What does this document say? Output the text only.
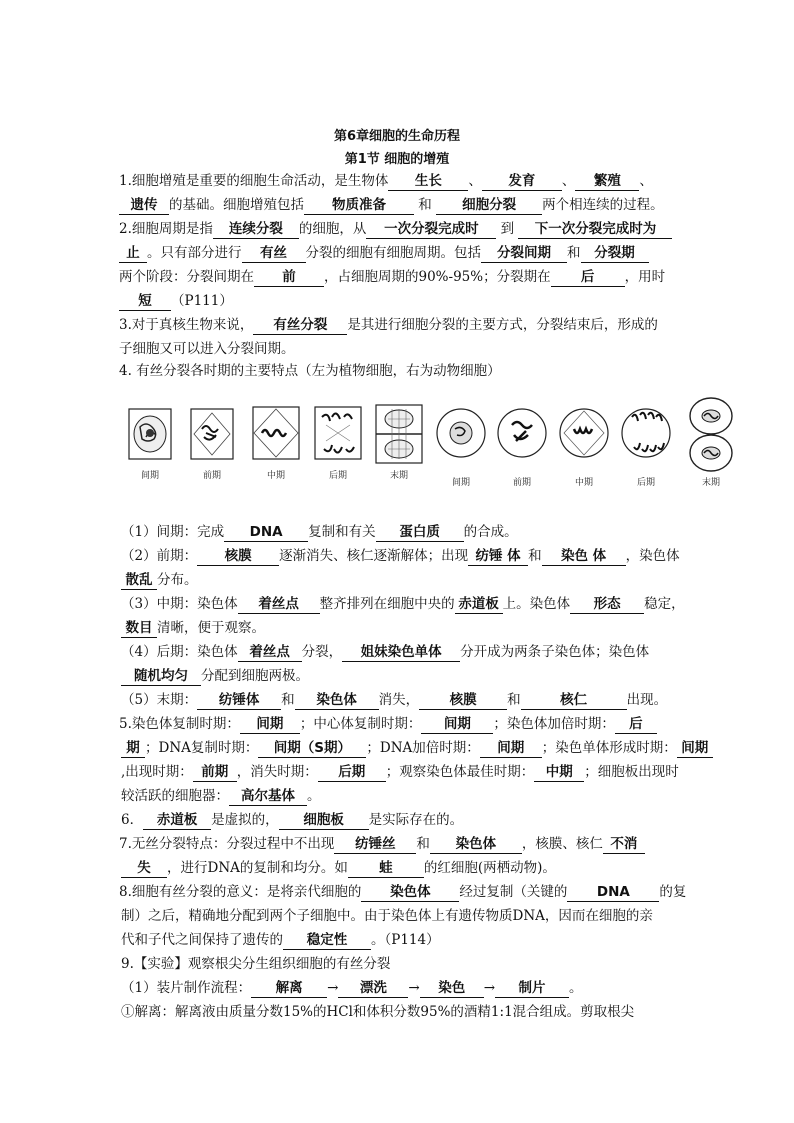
第6章细胞的生命历程
第1节 细胞的增殖
1.细胞增殖是重要的细胞生命活动，是生物体 生长 、 发育 、 繁殖 、
遗传 的基础。细胞增殖包括 物质准备 和 细胞分裂 两个相连续的过程。
2.细胞周期是指 连续分裂 的细胞，从 一次分裂完成时 到 下一次分裂完成时为
止 。只有部分进行 有丝 分裂的细胞有细胞周期。包括 分裂间期 和 分裂期
两个阶段：分裂间期在 前 ，占细胞周期的90%-95%；分裂期在 后 ，用时
短 （P111）
3.对于真核生物来说， 有丝分裂 是其进行细胞分裂的主要方式，分裂结束后，形成的
子细胞又可以进入分裂间期。
4. 有丝分裂各时期的主要特点（左为植物细胞，右为动物细胞）
（1）间期：完成 DNA 复制和有关 蛋白质 的合成。
（2）前期： 核膜 逐渐消失、核仁逐渐解体；出现 纺锤 体 和 染色 体 ，染色体
散乱 分布。
（3）中期：染色体 着丝点 整齐排列在细胞中央的 赤道板 上。染色体 形态 稳定，
数目 清晰，便于观察。
（4）后期：染色体 着丝点 分裂， 姐妹染色单体 分开成为两条子染色体；染色体
随机均匀 分配到细胞两极。
（5）末期： 纺锤体 和 染色体 消失， 核膜 和	核仁	出现。
5.染色体复制时期： 间期 ；中心体复制时期： 间期 ；染色体加倍时期： 后
期 ；DNA复制时期： 间期（S期） ；DNA加倍时期： 间期 ；染色单体形成时期： 间期
,出现时期： 前期 ，消失时期： 后期 ；观察染色体最佳时期： 中期 ；细胞板出现时
较活跃的细胞器： 高尔基体 。
6． 赤道板 是虚拟的， 细胞板 是实际存在的。
7.无丝分裂特点：分裂过程中不出现 纺锤丝 和 染色体 ，核膜、核仁 不消
失 ，进行DNA的复制和均分。如 蛙 的红细胞(两栖动物)。
8.细胞有丝分裂的意义：是将亲代细胞的 染色体 经过复制（关键的 DNA 的复
制）之后，精确地分配到两个子细胞中。由于染色体上有遗传物质DNA，因而在细胞的亲
代和子代之间保持了遗传的 稳定性 。（P114）
9.【实验】观察根尖分生组织细胞的有丝分裂
（1）装片制作流程： 解离 → 漂洗 → 染色 → 制片 。
①解离：解离液由质量分数15%的HCl和体积分数95%的酒精1:1混合组成。剪取根尖
间期	前期	中期	后期	末期
间期	前期	中期	后期	末期
